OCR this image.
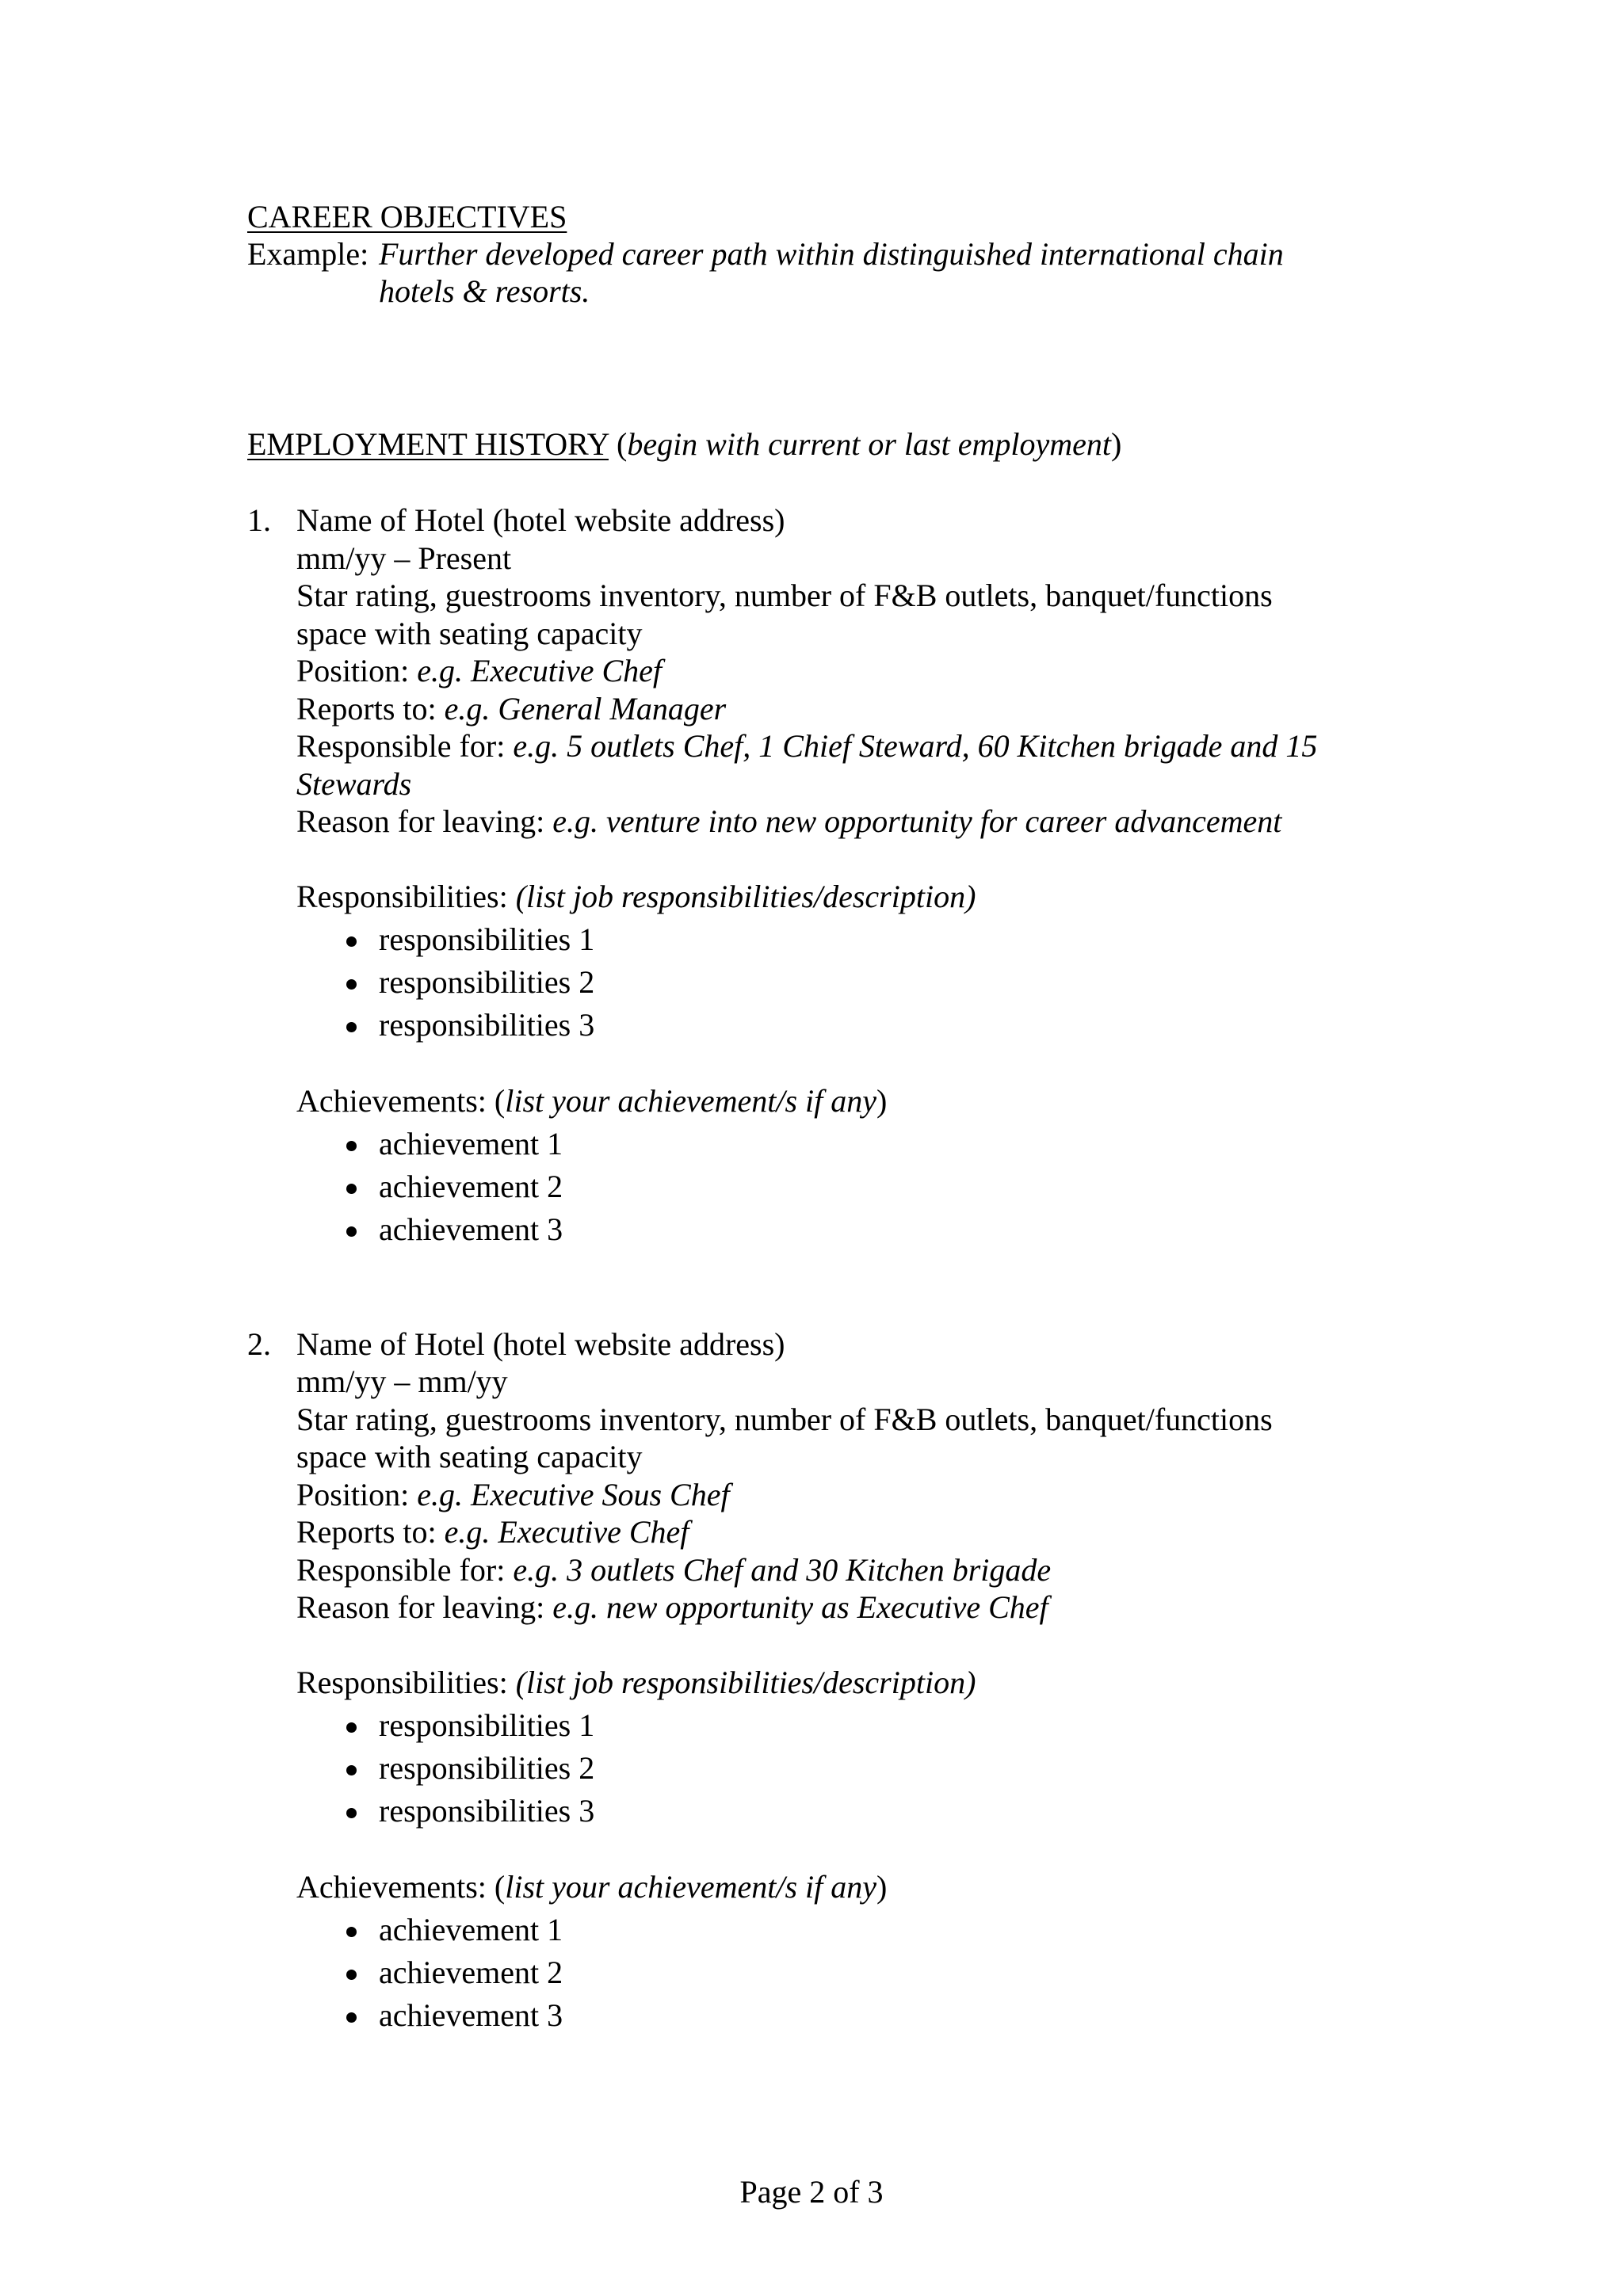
CAREER OBJECTIVES
Example: Further developed career path within distinguished international chain
hotels & resorts.
EMPLOYMENT HISTORY (begin with current or last employment)
1. Name of Hotel (hotel website address)
mm/yy – Present
Star rating, guestrooms inventory, number of F&B outlets, banquet/functions
space with seating capacity
Position: e.g. Executive Chef
Reports to: e.g. General Manager
Responsible for: e.g. 5 outlets Chef, 1 Chief Steward, 60 Kitchen brigade and 15
Stewards
Reason for leaving: e.g. venture into new opportunity for career advancement
Responsibilities: (list job responsibilities/description)
responsibilities 1
responsibilities 2
responsibilities 3
Achievements: (list your achievement/s if any)
achievement 1
achievement 2
achievement 3
2. Name of Hotel (hotel website address)
mm/yy – mm/yy
Star rating, guestrooms inventory, number of F&B outlets, banquet/functions
space with seating capacity
Position: e.g. Executive Sous Chef
Reports to: e.g. Executive Chef
Responsible for: e.g. 3 outlets Chef and 30 Kitchen brigade
Reason for leaving: e.g. new opportunity as Executive Chef
Responsibilities: (list job responsibilities/description)
responsibilities 1
responsibilities 2
responsibilities 3
Achievements: (list your achievement/s if any)
achievement 1
achievement 2
achievement 3
Page 2 of 3
